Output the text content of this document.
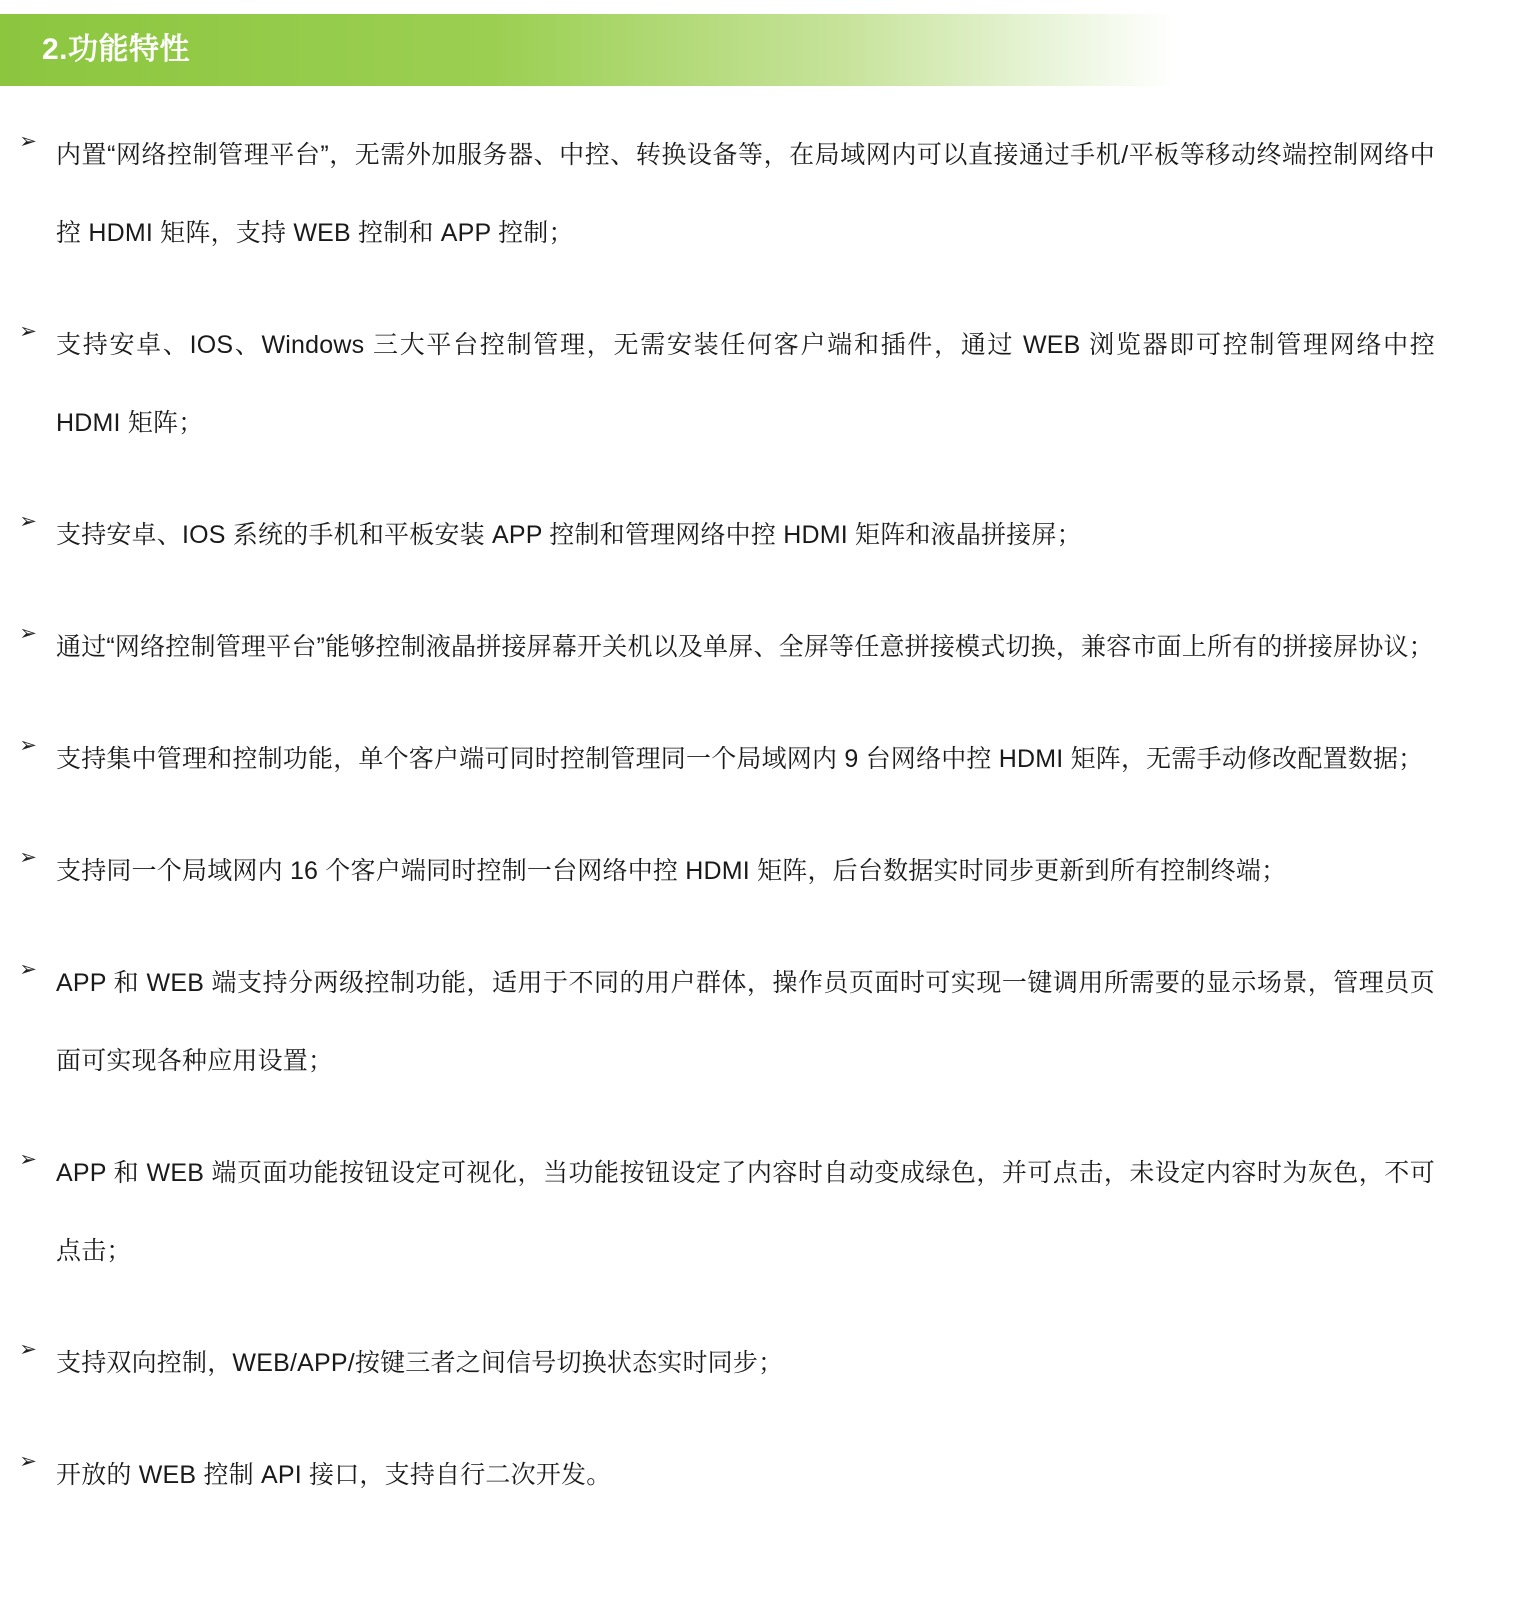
2.功能特性
➢ 内置“网络控制管理平台”，无需外加服务器、中控、转换设备等，在局域网内可以直接通过手机/平板等移动终端控制网络中控 HDMI 矩阵，支持 WEB 控制和 APP 控制；
➢ 支持安卓、IOS、Windows 三大平台控制管理，无需安装任何客户端和插件，通过 WEB 浏览器即可控制管理网络中控 HDMI 矩阵；
➢ 支持安卓、IOS 系统的手机和平板安装 APP 控制和管理网络中控 HDMI 矩阵和液晶拼接屏；
➢ 通过“网络控制管理平台”能够控制液晶拼接屏幕开关机以及单屏、全屏等任意拼接模式切换，兼容市面上所有的拼接屏协议；
➢ 支持集中管理和控制功能，单个客户端可同时控制管理同一个局域网内 9 台网络中控 HDMI 矩阵，无需手动修改配置数据；
➢ 支持同一个局域网内 16 个客户端同时控制一台网络中控 HDMI 矩阵，后台数据实时同步更新到所有控制终端；
➢ APP 和 WEB 端支持分两级控制功能，适用于不同的用户群体，操作员页面时可实现一键调用所需要的显示场景，管理员页面可实现各种应用设置；
➢ APP 和 WEB 端页面功能按钮设定可视化，当功能按钮设定了内容时自动变成绿色，并可点击，未设定内容时为灰色，不可点击；
➢ 支持双向控制，WEB/APP/按键三者之间信号切换状态实时同步；
➢ 开放的 WEB 控制 API 接口，支持自行二次开发。
